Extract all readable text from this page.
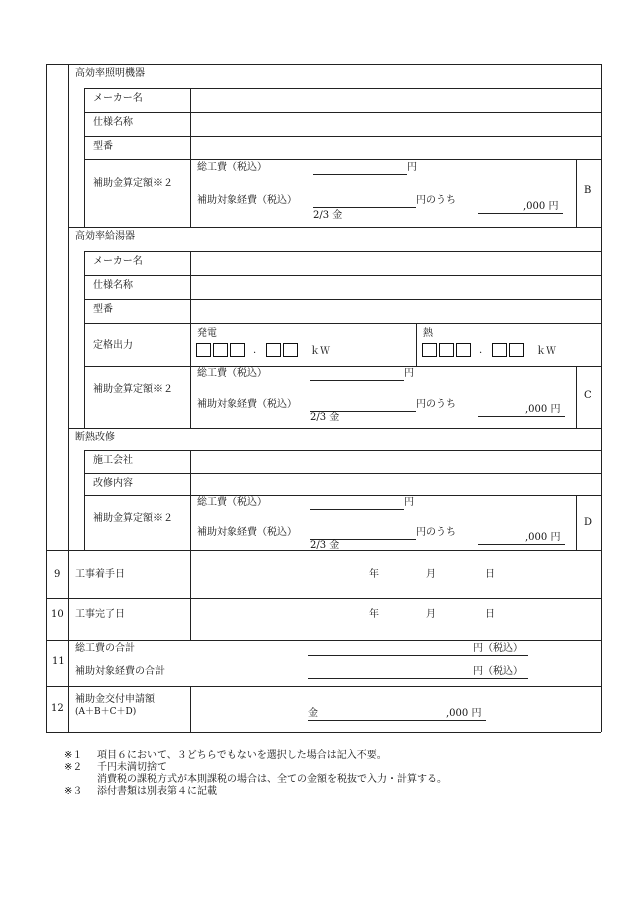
高効率照明機器
メーカー名
仕様名称
型番
補助金算定額※２
総工費（税込）	円
補助対象経費（税込）	円のうち
2/3 金
,000 円
B
高効率給湯器
メーカー名
仕様名称
型番
定格出力
発電
.	ｋＷ
熱
.	ｋＷ
補助金算定額※２
総工費（税込）	円
補助対象経費（税込）	円のうち
2/3 金
,000 円
C
断熱改修
施工会社
改修内容
補助金算定額※２
総工費（税込）	円
補助対象経費（税込）	円のうち
2/3 金
,000 円
D
9 工事着手日	年	月	日
10 工事完了日	年	月	日
11
総工費の合計	円（税込）
補助対象経費の合計	円（税込）
12
補助金交付申請額
(A＋B＋C＋D)	金	,000 円
※１ 項目６において、３どちらでもないを選択した場合は記入不要。
※２ 千円未満切捨て
消費税の課税方式が本則課税の場合は、全ての金額を税抜で入力・計算する。
※３ 添付書類は別表第４に記載
